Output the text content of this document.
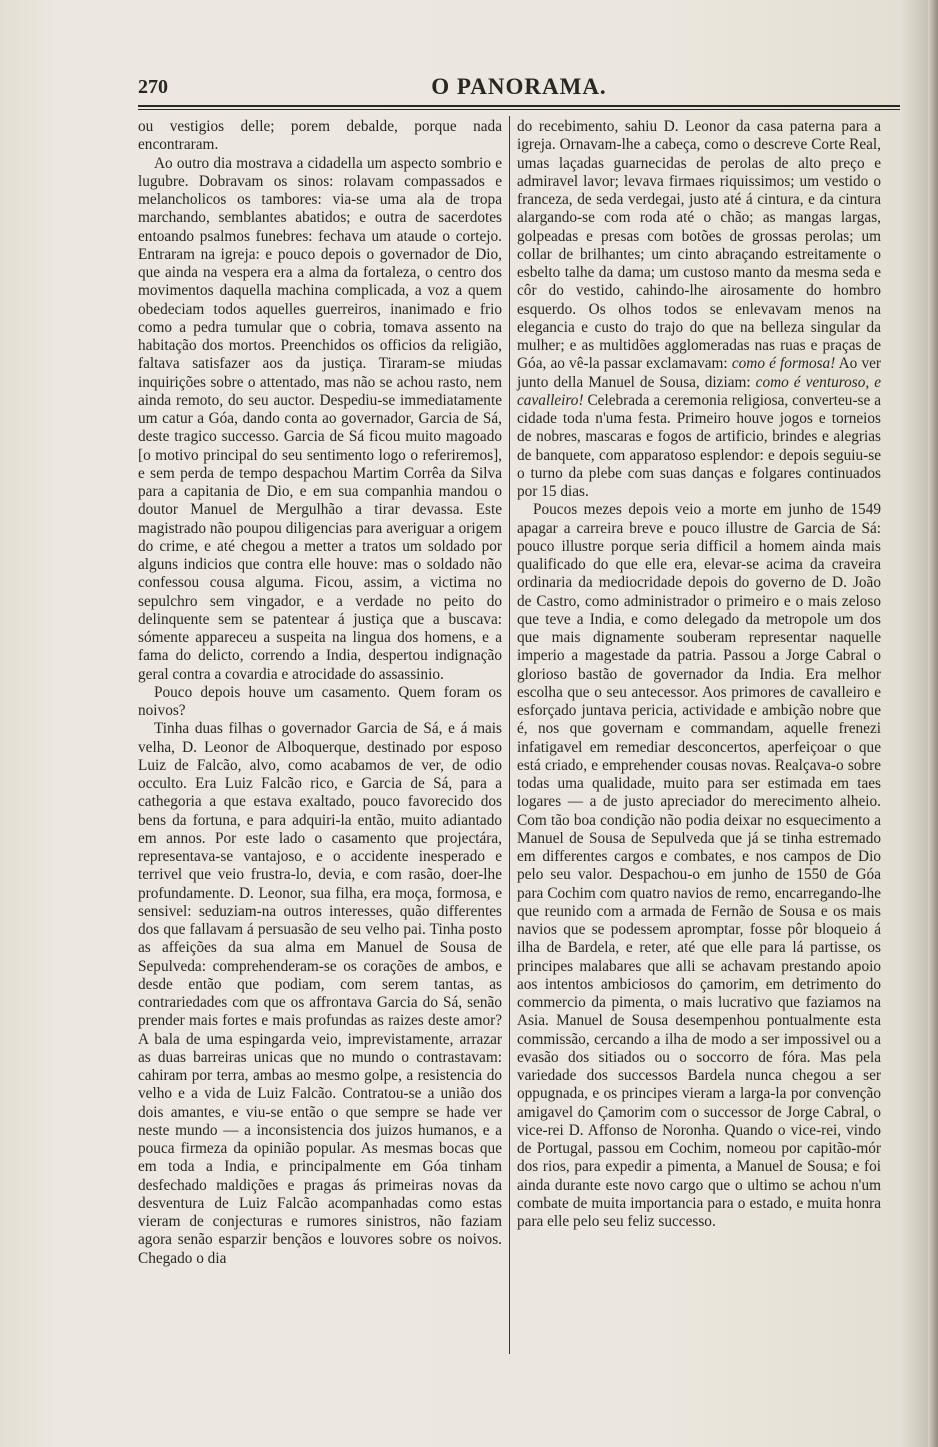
270	O PANORAMA.

ou vestigios delle; porem debalde, porque nada encontraram.

Ao outro dia mostrava a cidadella um aspecto sombrio e lugubre. Dobravam os sinos: rolavam compassados e melancholicos os tambores: via-se uma ala de tropa marchando, semblantes abatidos; e outra de sacerdotes entoando psalmos funebres: fechava um ataude o cortejo. Entraram na igreja: e pouco depois o governador de Dio, que ainda na vespera era a alma da fortaleza, o centro dos movimentos daquella machina complicada, a voz a quem obedeciam todos aquelles guerreiros, inanimado e frio como a pedra tumular que o cobria, tomava assento na habitação dos mortos. Preenchidos os officios da religião, faltava satisfazer aos da justiça. Tiraram-se miudas inquirições sobre o attentado, mas não se achou rasto, nem ainda remoto, do seu auctor. Despediu-se immediatamente um catur a Góa, dando conta ao governador, Garcia de Sá, deste tragico successo. Garcia de Sá ficou muito magoado [o motivo principal do seu sentimento logo o referiremos], e sem perda de tempo despachou Martim Corrêa da Silva para a capitania de Dio, e em sua companhia mandou o doutor Manuel de Mergulhão a tirar devassa. Este magistrado não poupou diligencias para averiguar a origem do crime, e até chegou a metter a tratos um soldado por alguns indicios que contra elle houve: mas o soldado não confessou cousa alguma. Ficou, assim, a victima no sepulchro sem vingador, e a verdade no peito do delinquente sem se patentear á justiça que a buscava: sómente appareceu a suspeita na lingua dos homens, e a fama do delicto, correndo a India, despertou indignação geral contra a covardia e atrocidade do assassinio.

Pouco depois houve um casamento. Quem foram os noivos?

Tinha duas filhas o governador Garcia de Sá, e á mais velha, D. Leonor de Alboquerque, destinado por esposo Luiz de Falcão, alvo, como acabamos de ver, de odio occulto. Era Luiz Falcão rico, e Garcia de Sá, para a cathegoria a que estava exaltado, pouco favorecido dos bens da fortuna, e para adquiri-la então, muito adiantado em annos. Por este lado o casamento que projectára, representava-se vantajoso, e o accidente inesperado e terrivel que veio frustra-lo, devia, e com rasão, doer-lhe profundamente. D. Leonor, sua filha, era moça, formosa, e sensivel: seduziam-na outros interesses, quão differentes dos que fallavam á persuasão de seu velho pai. Tinha posto as affeições da sua alma em Manuel de Sousa de Sepulveda: comprehenderam-se os corações de ambos, e desde então que podiam, com serem tantas, as contrariedades com que os affrontava Garcia do Sá, senão prender mais fortes e mais profundas as raizes deste amor? A bala de uma espingarda veio, imprevistamente, arrazar as duas barreiras unicas que no mundo o contrastavam: cahiram por terra, ambas ao mesmo golpe, a resistencia do velho e a vida de Luiz Falcão. Contratou-se a união dos dois amantes, e viu-se então o que sempre se hade ver neste mundo — a inconsistencia dos juizos humanos, e a pouca firmeza da opinião popular. As mesmas bocas que em toda a India, e principalmente em Góa tinham desfechado maldições e pragas ás primeiras novas da desventura de Luiz Falcão acompanhadas como estas vieram de conjecturas e rumores sinistros, não faziam agora senão esparzir bençãos e louvores sobre os noivos. Chegado o dia

do recebimento, sahiu D. Leonor da casa paterna para a igreja. Ornavam-lhe a cabeça, como o descreve Corte Real, umas laçadas guarnecidas de perolas de alto preço e admiravel lavor; levava firmaes riquissimos; um vestido o franceza, de seda verdegai, justo até á cintura, e da cintura alargando-se com roda até o chão; as mangas largas, golpeadas e presas com botões de grossas perolas; um collar de brilhantes; um cinto abraçando estreitamente o esbelto talhe da dama; um custoso manto da mesma seda e côr do vestido, cahindo-lhe airosamente do hombro esquerdo. Os olhos todos se enlevavam menos na elegancia e custo do trajo do que na belleza singular da mulher; e as multidões agglomeradas nas ruas e praças de Góa, ao vê-la passar exclamavam: como é formosa! Ao ver junto della Manuel de Sousa, diziam: como é venturoso, e cavalleiro! Celebrada a ceremonia religiosa, converteu-se a cidade toda n'uma festa. Primeiro houve jogos e torneios de nobres, mascaras e fogos de artificio, brindes e alegrias de banquete, com apparatoso esplendor: e depois seguiu-se o turno da plebe com suas danças e folgares continuados por 15 dias.

Poucos mezes depois veio a morte em junho de 1549 apagar a carreira breve e pouco illustre de Garcia de Sá: pouco illustre porque seria difficil a homem ainda mais qualificado do que elle era, elevar-se acima da craveira ordinaria da mediocridade depois do governo de D. João de Castro, como administrador o primeiro e o mais zeloso que teve a India, e como delegado da metropole um dos que mais dignamente souberam representar naquelle imperio a magestade da patria. Passou a Jorge Cabral o glorioso bastão de governador da India. Era melhor escolha que o seu antecessor. Aos primores de cavalleiro e esforçado juntava pericia, actividade e ambição nobre que é, nos que governam e commandam, aquelle frenezi infatigavel em remediar desconcertos, aperfeiçoar o que está criado, e emprehender cousas novas. Realçava-o sobre todas uma qualidade, muito para ser estimada em taes logares — a de justo apreciador do merecimento alheio. Com tão boa condição não podia deixar no esquecimento a Manuel de Sousa de Sepulveda que já se tinha estremado em differentes cargos e combates, e nos campos de Dio pelo seu valor. Despachou-o em junho de 1550 de Góa para Cochim com quatro navios de remo, encarregando-lhe que reunido com a armada de Fernão de Sousa e os mais navios que se podessem apromptar, fosse pôr bloqueio á ilha de Bardela, e reter, até que elle para lá partisse, os principes malabares que alli se achavam prestando apoio aos intentos ambiciosos do çamorim, em detrimento do commercio da pimenta, o mais lucrativo que faziamos na Asia. Manuel de Sousa desempenhou pontualmente esta commissão, cercando a ilha de modo a ser impossivel ou a evasão dos sitiados ou o soccorro de fóra. Mas pela variedade dos successos Bardela nunca chegou a ser oppugnada, e os principes vieram a larga-la por convenção amigavel do Çamorim com o successor de Jorge Cabral, o vice-rei D. Affonso de Noronha. Quando o vice-rei, vindo de Portugal, passou em Cochim, nomeou por capitão-mór dos rios, para expedir a pimenta, a Manuel de Sousa; e foi ainda durante este novo cargo que o ultimo se achou n'um combate de muita importancia para o estado, e muita honra para elle pelo seu feliz successo.
